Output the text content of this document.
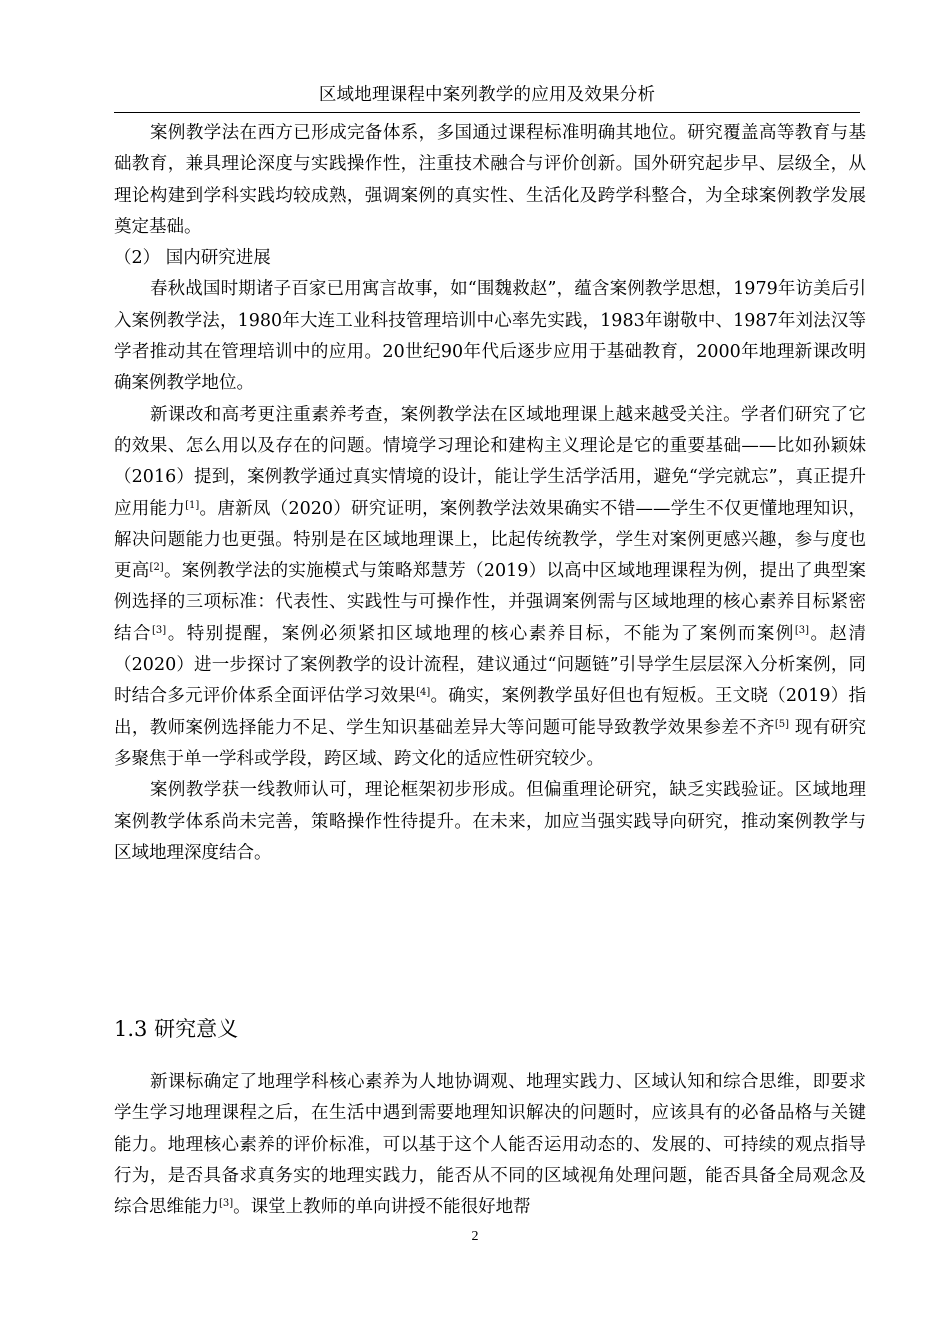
区域地理课程中案列教学的应用及效果分析

案例教学法在西方已形成完备体系，多国通过课程标准明确其地位。研究覆盖高等教育与基础教育，兼具理论深度与实践操作性，注重技术融合与评价创新。国外研究起步早、层级全，从理论构建到学科实践均较成熟，强调案例的真实性、生活化及跨学科整合，为全球案例教学发展奠定基础。

（2） 国内研究进展

春秋战国时期诸子百家已用寓言故事，如“围魏救赵”，蕴含案例教学思想，1979年访美后引入案例教学法，1980年大连工业科技管理培训中心率先实践，1983年谢敬中、1987年刘法汉等学者推动其在管理培训中的应用。20世纪90年代后逐步应用于基础教育，2000年地理新课改明确案例教学地位。

新课改和高考更注重素养考查，案例教学法在区域地理课上越来越受关注。学者们研究了它的效果、怎么用以及存在的问题。情境学习理论和建构主义理论是它的重要基础——比如孙颖妹（2016）提到，案例教学通过真实情境的设计，能让学生活学活用，避免“学完就忘”，真正提升应用能力[1]。唐新凤（2020）研究证明，案例教学法效果确实不错——学生不仅更懂地理知识，解决问题能力也更强。特别是在区域地理课上，比起传统教学，学生对案例更感兴趣，参与度也更高[2]。案例教学法的实施模式与策略郑慧芳（2019）以高中区域地理课程为例，提出了典型案例选择的三项标准：代表性、实践性与可操作性，并强调案例需与区域地理的核心素养目标紧密结合[3]。特别提醒，案例必须紧扣区域地理的核心素养目标，不能为了案例而案例[3]。赵清（2020）进一步探讨了案例教学的设计流程，建议通过“问题链”引导学生层层深入分析案例，同时结合多元评价体系全面评估学习效果[4]。确实，案例教学虽好但也有短板。王文晓（2019）指出，教师案例选择能力不足、学生知识基础差异大等问题可能导致教学效果参差不齐[5] 现有研究多聚焦于单一学科或学段，跨区域、跨文化的适应性研究较少。

案例教学获一线教师认可，理论框架初步形成。但偏重理论研究，缺乏实践验证。区域地理案例教学体系尚未完善，策略操作性待提升。在未来，加应当强实践导向研究，推动案例教学与区域地理深度结合。

1.3 研究意义

新课标确定了地理学科核心素养为人地协调观、地理实践力、区域认知和综合思维，即要求学生学习地理课程之后，在生活中遇到需要地理知识解决的问题时，应该具有的必备品格与关键能力。地理核心素养的评价标准，可以基于这个人能否运用动态的、发展的、可持续的观点指导行为，是否具备求真务实的地理实践力，能否从不同的区域视角处理问题，能否具备全局观念及综合思维能力[3]。课堂上教师的单向讲授不能很好地帮

2
